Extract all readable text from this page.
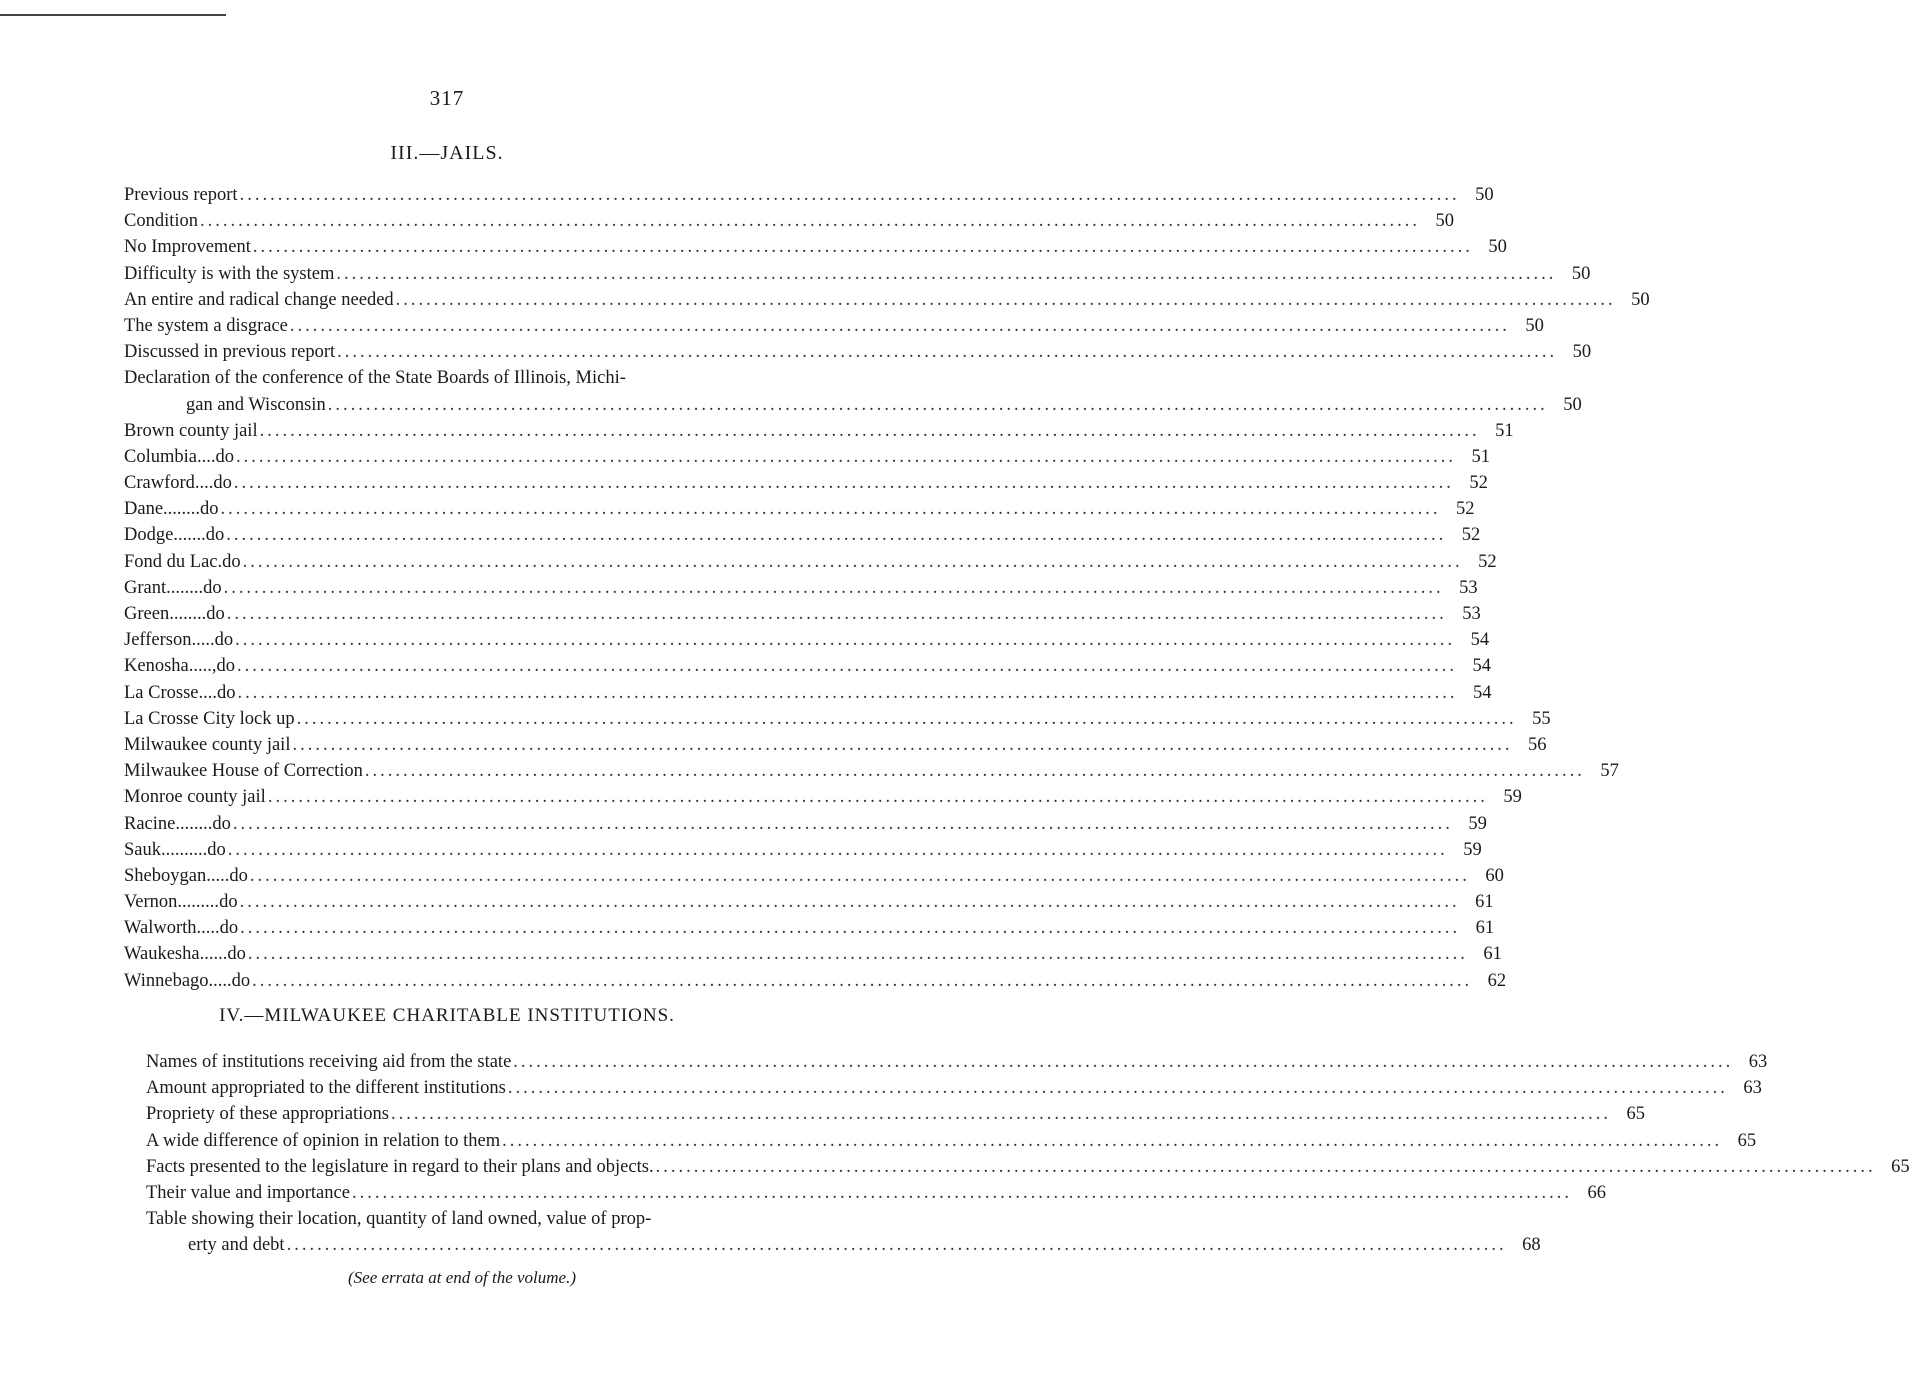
317
III.—JAILS.
Previous report ................................................................................................................................................................ 50
Condition ................................................................................................................................................................ 50
No Improvement ................................................................................................................................................................ 50
Difficulty is with the system ................................................................................................................................................................ 50
An entire and radical change needed ................................................................................................................................................................ 50
The system a disgrace ................................................................................................................................................................ 50
Discussed in previous report ................................................................................................................................................................ 50
Declaration of the conference of the State Boards of Illinois, Michi-
gan and Wisconsin ................................................................................................................................................................ 50
Brown county jail ................................................................................................................................................................ 51
Columbia.... do ................................................................................................................................................................ 51
Crawford.... do ................................................................................................................................................................ 52
Dane........ do ................................................................................................................................................................ 52
Dodge....... do ................................................................................................................................................................ 52
Fond du Lac. do ................................................................................................................................................................ 52
Grant........ do ................................................................................................................................................................ 53
Green........ do ................................................................................................................................................................ 53
Jefferson..... do ................................................................................................................................................................ 54
Kenosha....., do ................................................................................................................................................................ 54
La Crosse.... do ................................................................................................................................................................ 54
La Crosse City lock up ................................................................................................................................................................ 55
Milwaukee county jail ................................................................................................................................................................ 56
Milwaukee House of Correction ................................................................................................................................................................ 57
Monroe county jail ................................................................................................................................................................ 59
Racine........ do ................................................................................................................................................................ 59
Sauk.......... do ................................................................................................................................................................ 59
Sheboygan..... do ................................................................................................................................................................ 60
Vernon......... do ................................................................................................................................................................ 61
Walworth..... do ................................................................................................................................................................ 61
Waukesha...... do ................................................................................................................................................................ 61
Winnebago..... do ................................................................................................................................................................ 62
IV.—MILWAUKEE CHARITABLE INSTITUTIONS.
Names of institutions receiving aid from the state ................................................................................................................................................................ 63
Amount appropriated to the different institutions ................................................................................................................................................................ 63
Propriety of these appropriations ................................................................................................................................................................ 65
A wide difference of opinion in relation to them ................................................................................................................................................................ 65
Facts presented to the legislature in regard to their plans and objects. ................................................................................................................................................................ 65
Their value and importance ................................................................................................................................................................ 66
Table showing their location, quantity of land owned, value of prop-
erty and debt ................................................................................................................................................................ 68
(See errata at end of the volume.)
